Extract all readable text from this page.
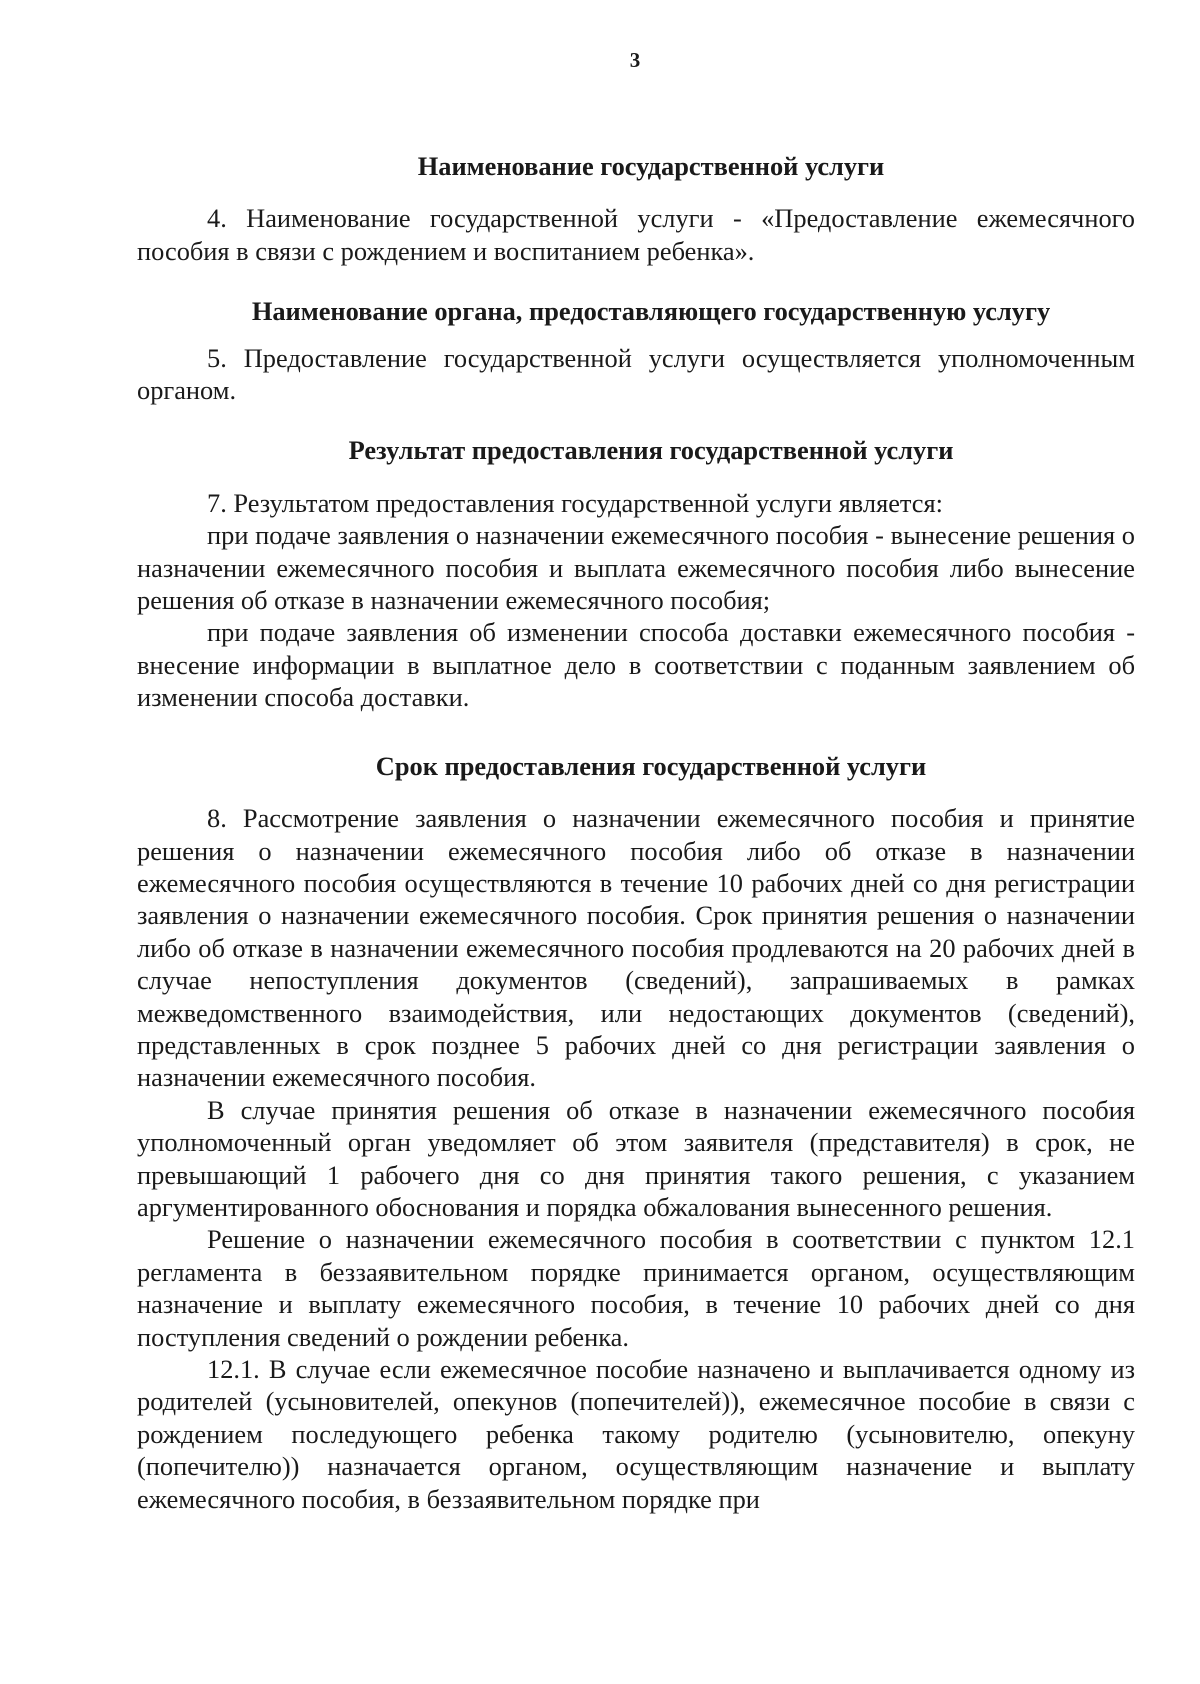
3

Наименование государственной услуги

4. Наименование государственной услуги - «Предоставление ежемесячного пособия в связи с рождением и воспитанием ребенка».

Наименование органа, предоставляющего государственную услугу

5. Предоставление государственной услуги осуществляется уполномоченным органом.

Результат предоставления государственной услуги

7. Результатом предоставления государственной услуги является:

при подаче заявления о назначении ежемесячного пособия - вынесение решения о назначении ежемесячного пособия и выплата ежемесячного пособия либо вынесение решения об отказе в назначении ежемесячного пособия;

при подаче заявления об изменении способа доставки ежемесячного пособия - внесение информации в выплатное дело в соответствии с поданным заявлением об изменении способа доставки.

Срок предоставления государственной услуги

8. Рассмотрение заявления о назначении ежемесячного пособия и принятие решения о назначении ежемесячного пособия либо об отказе в назначении ежемесячного пособия осуществляются в течение 10 рабочих дней со дня регистрации заявления о назначении ежемесячного пособия. Срок принятия решения о назначении либо об отказе в назначении ежемесячного пособия продлеваются на 20 рабочих дней в случае непоступления документов (сведений), запрашиваемых в рамках межведомственного взаимодействия, или недостающих документов (сведений), представленных в срок позднее 5 рабочих дней со дня регистрации заявления о назначении ежемесячного пособия.

В случае принятия решения об отказе в назначении ежемесячного пособия уполномоченный орган уведомляет об этом заявителя (представителя) в срок, не превышающий 1 рабочего дня со дня принятия такого решения, с указанием аргументированного обоснования и порядка обжалования вынесенного решения.

Решение о назначении ежемесячного пособия в соответствии с пунктом 12.1 регламента в беззаявительном порядке принимается органом, осуществляющим назначение и выплату ежемесячного пособия, в течение 10 рабочих дней со дня поступления сведений о рождении ребенка.

12.1. В случае если ежемесячное пособие назначено и выплачивается одному из родителей (усыновителей, опекунов (попечителей)), ежемесячное пособие в связи с рождением последующего ребенка такому родителю (усыновителю, опекуну (попечителю)) назначается органом, осуществляющим назначение и выплату ежемесячного пособия, в беззаявительном порядке при
